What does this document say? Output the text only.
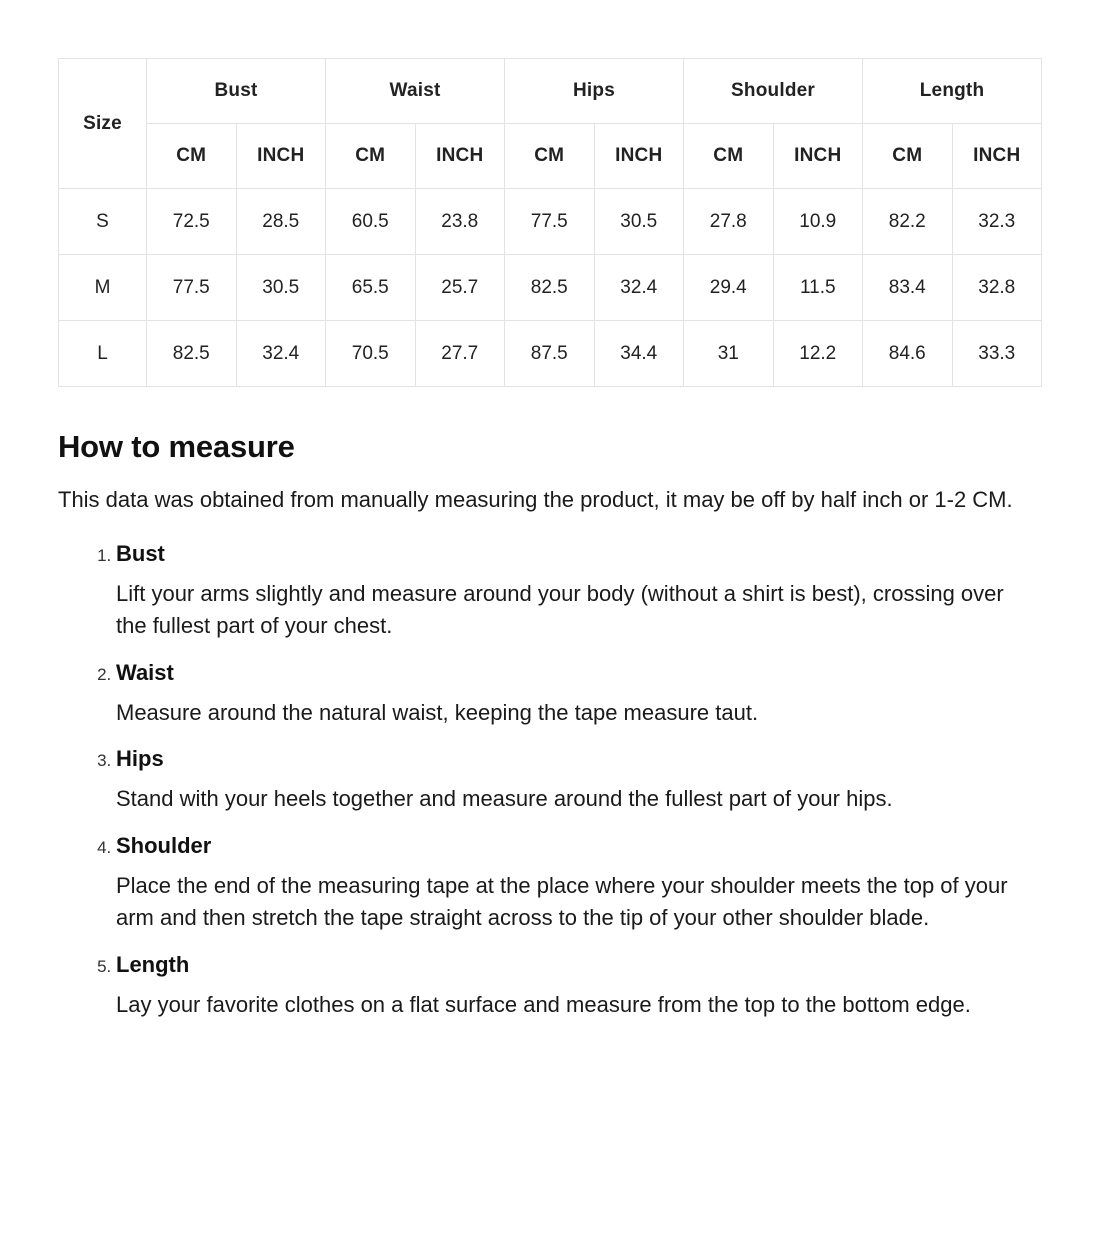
Size	Bust		Waist		Hips		Shoulder		Length	
	CM	INCH	CM	INCH	CM	INCH	CM	INCH	CM	INCH
S	72.5	28.5	60.5	23.8	77.5	30.5	27.8	10.9	82.2	32.3
M	77.5	30.5	65.5	25.7	82.5	32.4	29.4	11.5	83.4	32.8
L	82.5	32.4	70.5	27.7	87.5	34.4	31	12.2	84.6	33.3
How to measure

This data was obtained from manually measuring the product, it may be off by half inch or 1-2 CM.

1. Bust
Lift your arms slightly and measure around your body (without a shirt is best), crossing over the fullest part of your chest.
2. Waist
Measure around the natural waist, keeping the tape measure taut.
3. Hips
Stand with your heels together and measure around the fullest part of your hips.
4. Shoulder
Place the end of the measuring tape at the place where your shoulder meets the top of your arm and then stretch the tape straight across to the tip of your other shoulder blade.
5. Length
Lay your favorite clothes on a flat surface and measure from the top to the bottom edge.
